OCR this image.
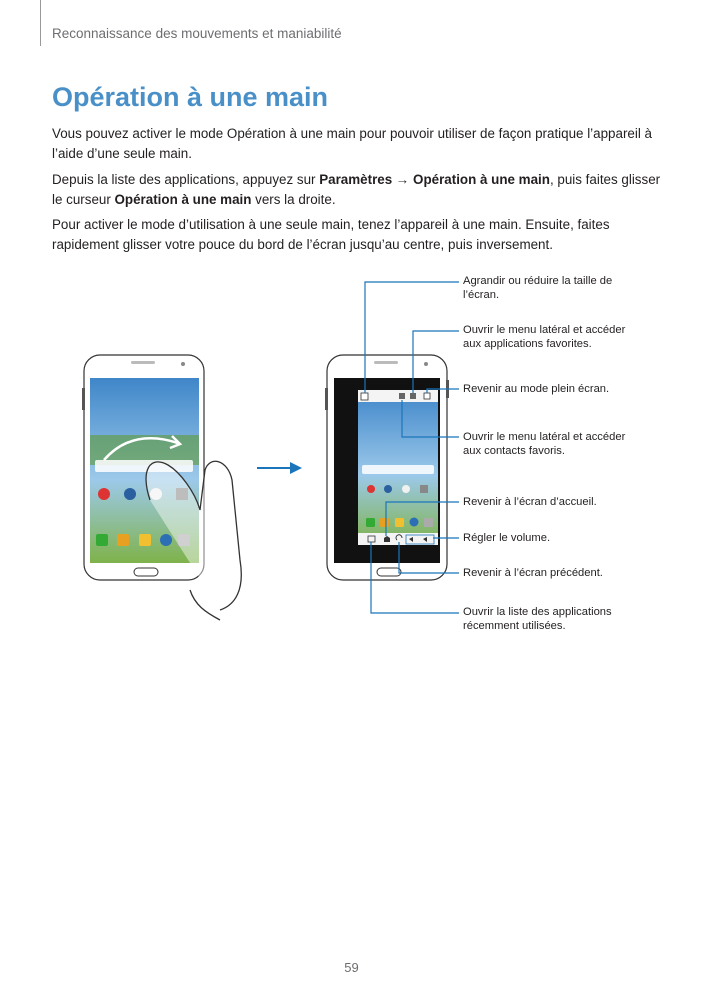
Reconnaissance des mouvements et maniabilité
Opération à une main

Vous pouvez activer le mode Opération à une main pour pouvoir utiliser de façon pratique l’appareil à l’aide d’une seule main.

Depuis la liste des applications, appuyez sur Paramètres → Opération à une main, puis faites glisser le curseur Opération à une main vers la droite.

Pour activer le mode d’utilisation à une seule main, tenez l’appareil à une main. Ensuite, faites rapidement glisser votre pouce du bord de l’écran jusqu’au centre, puis inversement.

Agrandir ou réduire la taille de l’écran.
Ouvrir le menu latéral et accéder aux applications favorites.
Revenir au mode plein écran.
Ouvrir le menu latéral et accéder aux contacts favoris.
Revenir à l’écran d’accueil.
Régler le volume.
Revenir à l’écran précédent.
Ouvrir la liste des applications récemment utilisées.
59
